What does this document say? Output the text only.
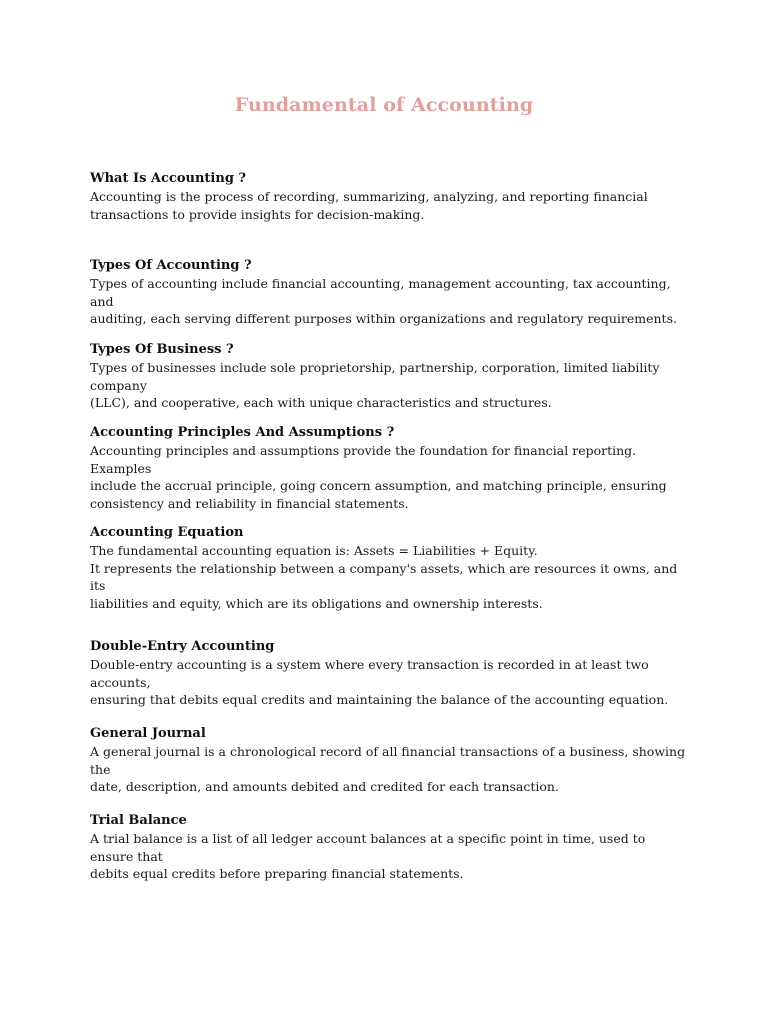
Fundamental of Accounting
What Is Accounting ?

Accounting is the process of recording, summarizing, analyzing, and reporting financial

transactions to provide insights for decision-making.

Types Of Accounting ?

Types of accounting include financial accounting, management accounting, tax accounting, and

auditing, each serving different purposes within organizations and regulatory requirements.

Types Of Business ?

Types of businesses include sole proprietorship, partnership, corporation, limited liability company

(LLC), and cooperative, each with unique characteristics and structures.

Accounting Principles And Assumptions ?

Accounting principles and assumptions provide the foundation for financial reporting. Examples

include the accrual principle, going concern assumption, and matching principle, ensuring

consistency and reliability in financial statements.

Accounting Equation

The fundamental accounting equation is: Assets = Liabilities + Equity.

It represents the relationship between a company's assets, which are resources it owns, and its

liabilities and equity, which are its obligations and ownership interests.

Double-Entry Accounting

Double-entry accounting is a system where every transaction is recorded in at least two accounts,

ensuring that debits equal credits and maintaining the balance of the accounting equation.

General Journal

A general journal is a chronological record of all financial transactions of a business, showing the

date, description, and amounts debited and credited for each transaction.

Trial Balance

A trial balance is a list of all ledger account balances at a specific point in time, used to ensure that

debits equal credits before preparing financial statements.
